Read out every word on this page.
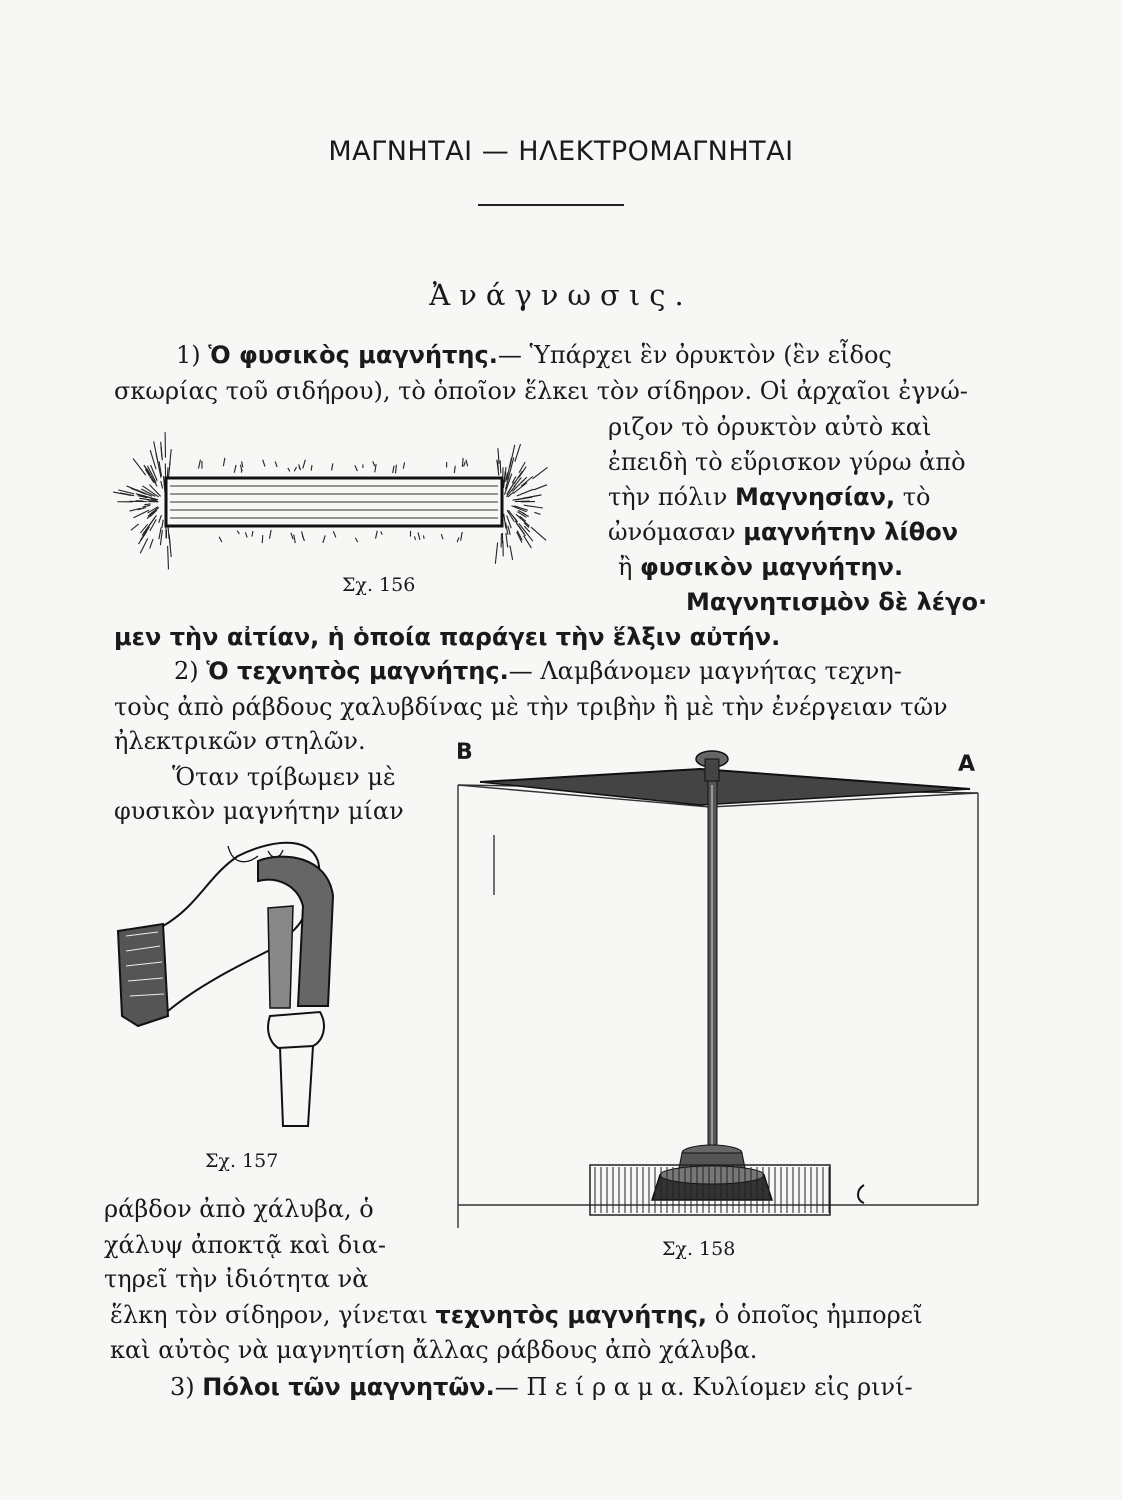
ΜΑΓΝΗΤΑΙ — ΗΛΕΚΤΡΟΜΑΓΝΗΤΑΙ
Ἀνάγνωσις.
1) Ὁ φυσικὸς μαγνήτης.— Ὑπάρχει ἓν ὀρυκτὸν (ἓν εἶδος
σκωρίας τοῦ σιδήρου), τὸ ὁποῖον ἕλκει τὸν σίδηρον. Οἱ ἀρχαῖοι ἐγνώ-
ριζον τὸ ὀρυκτὸν αὐτὸ καὶ
ἐπειδὴ τὸ εὕρισκον γύρω ἀπὸ
τὴν πόλιν Μαγνησίαν, τὸ
ὠνόμασαν μαγνήτην λίθον
ἢ φυσικὸν μαγνήτην.
Μαγνητισμὸν δὲ λέγο·
μεν τὴν αἰτίαν, ἡ ὁποία παράγει τὴν ἕλξιν αὐτήν.
Σχ. 156
2) Ὁ τεχνητὸς μαγνήτης.— Λαμβάνομεν μαγνήτας τεχνη-
τοὺς ἀπὸ ράβδους χαλυβδίνας μὲ τὴν τριβὴν ἢ μὲ τὴν ἐνέργειαν τῶν
ἠλεκτρικῶν στηλῶν.
Ὅταν τρίβωμεν μὲ
φυσικὸν μαγνήτην μίαν
Σχ. 157
ράβδον ἀπὸ χάλυβα, ὁ
χάλυψ ἀποκτᾷ καὶ δια-
τηρεῖ τὴν ἰδιότητα νὰ
Β	Α
Σχ. 158
ἕλκη τὸν σίδηρον, γίνεται τεχνητὸς μαγνήτης, ὁ ὁποῖος ἠμπορεῖ
καὶ αὐτὸς νὰ μαγνητίση ἄλλας ράβδους ἀπὸ χάλυβα.
3) Πόλοι τῶν μαγνητῶν.— Π ε ί ρ α μ α. Κυλίομεν εἰς ρινί-
